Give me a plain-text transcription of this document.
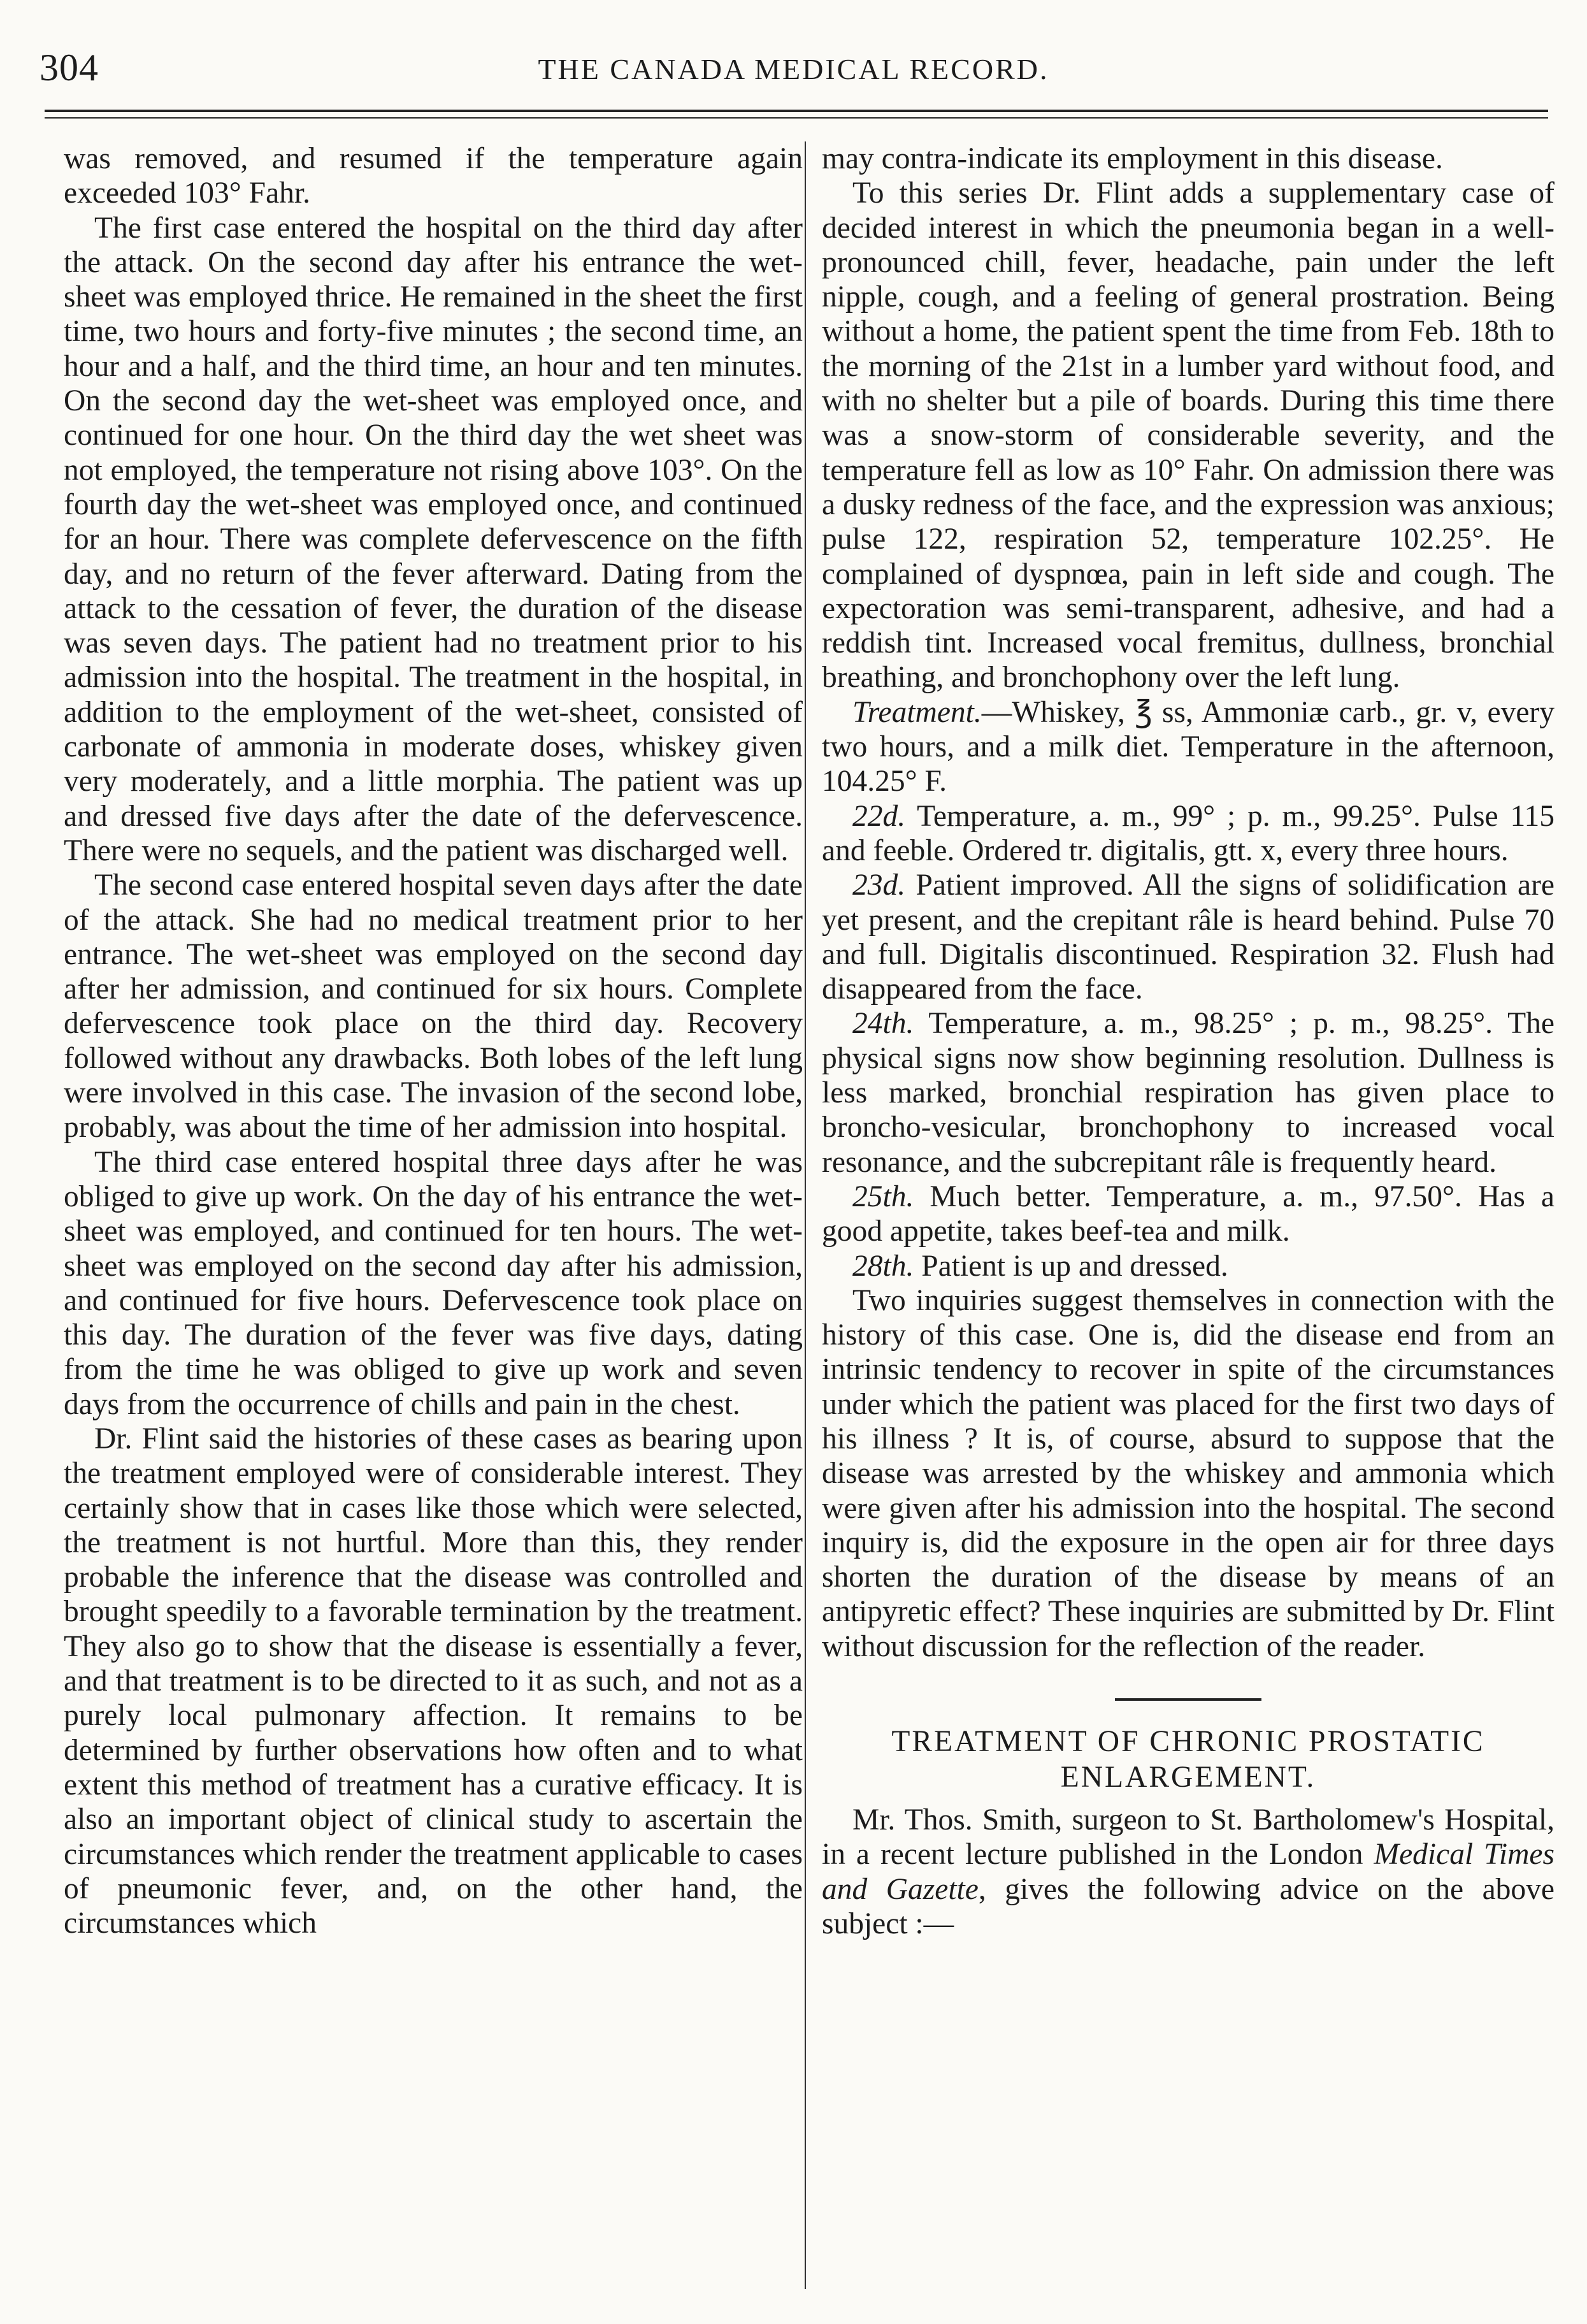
304	THE CANADA MEDICAL RECORD.

was removed, and resumed if the temperature again exceeded 103° Fahr.

The first case entered the hospital on the third day after the attack. On the second day after his entrance the wet-sheet was employed thrice. He remained in the sheet the first time, two hours and forty-five minutes ; the second time, an hour and a half, and the third time, an hour and ten minutes. On the second day the wet-sheet was employed once, and continued for one hour. On the third day the wet sheet was not employed, the temperature not rising above 103°. On the fourth day the wet-sheet was employed once, and continued for an hour. There was complete defervescence on the fifth day, and no return of the fever afterward. Dating from the attack to the cessation of fever, the duration of the disease was seven days. The patient had no treatment prior to his admission into the hospital. The treatment in the hospital, in addition to the employment of the wet-sheet, consisted of carbonate of ammonia in moderate doses, whiskey given very moderately, and a little morphia. The patient was up and dressed five days after the date of the defervescence. There were no sequels, and the patient was discharged well.

The second case entered hospital seven days after the date of the attack. She had no medical treatment prior to her entrance. The wet-sheet was employed on the second day after her admission, and continued for six hours. Complete defervescence took place on the third day. Recovery followed without any drawbacks. Both lobes of the left lung were involved in this case. The invasion of the second lobe, probably, was about the time of her admission into hospital.

The third case entered hospital three days after he was obliged to give up work. On the day of his entrance the wet-sheet was employed, and continued for ten hours. The wet-sheet was employed on the second day after his admission, and continued for five hours. Defervescence took place on this day. The duration of the fever was five days, dating from the time he was obliged to give up work and seven days from the occurrence of chills and pain in the chest.

Dr. Flint said the histories of these cases as bearing upon the treatment employed were of considerable interest. They certainly show that in cases like those which were selected, the treatment is not hurtful. More than this, they render probable the inference that the disease was controlled and brought speedily to a favorable termination by the treatment. They also go to show that the disease is essentially a fever, and that treatment is to be directed to it as such, and not as a purely local pulmonary affection. It remains to be determined by further observations how often and to what extent this method of treatment has a curative efficacy. It is also an important object of clinical study to ascertain the circumstances which render the treatment applicable to cases of pneumonic fever, and, on the other hand, the circumstances which

may contra-indicate its employment in this disease.

To this series Dr. Flint adds a supplementary case of decided interest in which the pneumonia began in a well-pronounced chill, fever, headache, pain under the left nipple, cough, and a feeling of general prostration. Being without a home, the patient spent the time from Feb. 18th to the morning of the 21st in a lumber yard without food, and with no shelter but a pile of boards. During this time there was a snow-storm of considerable severity, and the temperature fell as low as 10° Fahr. On admission there was a dusky redness of the face, and the expression was anxious; pulse 122, respiration 52, temperature 102.25°. He complained of dyspnœa, pain in left side and cough. The expectoration was semi-transparent, adhesive, and had a reddish tint. Increased vocal fremitus, dullness, bronchial breathing, and bronchophony over the left lung.

Treatment.—Whiskey, ℥ ss, Ammoniæ carb., gr. v, every two hours, and a milk diet. Temperature in the afternoon, 104.25° F.

22d. Temperature, a. m., 99° ; p. m., 99.25°. Pulse 115 and feeble. Ordered tr. digitalis, gtt. x, every three hours.

23d. Patient improved. All the signs of solidification are yet present, and the crepitant râle is heard behind. Pulse 70 and full. Digitalis discontinued. Respiration 32. Flush had disappeared from the face.

24th. Temperature, a. m., 98.25° ; p. m., 98.25°. The physical signs now show beginning resolution. Dullness is less marked, bronchial respiration has given place to broncho-vesicular, bronchophony to increased vocal resonance, and the subcrepitant râle is frequently heard.

25th. Much better. Temperature, a. m., 97.50°. Has a good appetite, takes beef-tea and milk.

28th. Patient is up and dressed.

Two inquiries suggest themselves in connection with the history of this case. One is, did the disease end from an intrinsic tendency to recover in spite of the circumstances under which the patient was placed for the first two days of his illness ? It is, of course, absurd to suppose that the disease was arrested by the whiskey and ammonia which were given after his admission into the hospital. The second inquiry is, did the exposure in the open air for three days shorten the duration of the disease by means of an antipyretic effect? These inquiries are submitted by Dr. Flint without discussion for the reflection of the reader.

TREATMENT OF CHRONIC PROSTATIC
ENLARGEMENT.

Mr. Thos. Smith, surgeon to St. Bartholomew's Hospital, in a recent lecture published in the London Medical Times and Gazette, gives the following advice on the above subject :—
